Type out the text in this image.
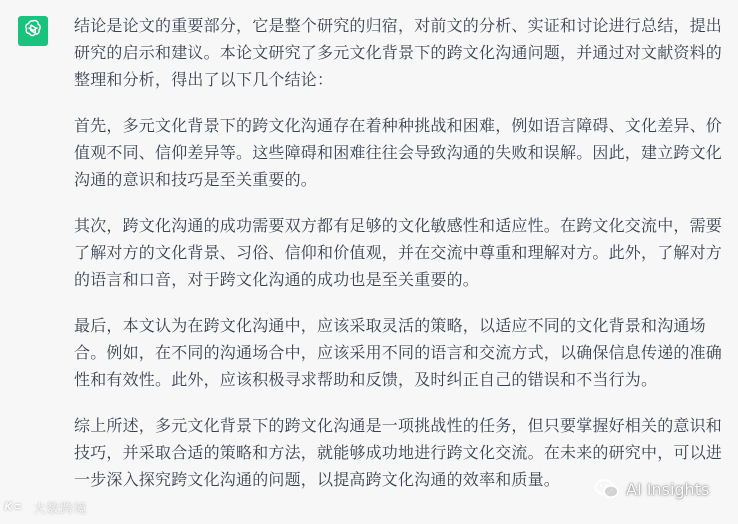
结论是论文的重要部分，它是整个研究的归宿，对前文的分析、实证和讨论进行总结，提出研究的启示和建议。本论文研究了多元文化背景下的跨文化沟通问题，并通过对文献资料的整理和分析，得出了以下几个结论：

首先，多元文化背景下的跨文化沟通存在着种种挑战和困难，例如语言障碍、文化差异、价值观不同、信仰差异等。这些障碍和困难往往会导致沟通的失败和误解。因此，建立跨文化沟通的意识和技巧是至关重要的。

其次，跨文化沟通的成功需要双方都有足够的文化敏感性和适应性。在跨文化交流中，需要了解对方的文化背景、习俗、信仰和价值观，并在交流中尊重和理解对方。此外，了解对方的语言和口音，对于跨文化沟通的成功也是至关重要的。

最后，本文认为在跨文化沟通中，应该采取灵活的策略，以适应不同的文化背景和沟通场合。例如，在不同的沟通场合中，应该采用不同的语言和交流方式，以确保信息传递的准确性和有效性。此外，应该积极寻求帮助和反馈，及时纠正自己的错误和不当行为。

综上所述，多元文化背景下的跨文化沟通是一项挑战性的任务，但只要掌握好相关的意识和技巧，并采取合适的策略和方法，就能够成功地进行跨文化交流。在未来的研究中，可以进一步深入探究跨文化沟通的问题，以提高跨文化沟通的效率和质量。

K⊂ 大数跨境
AI Insights
